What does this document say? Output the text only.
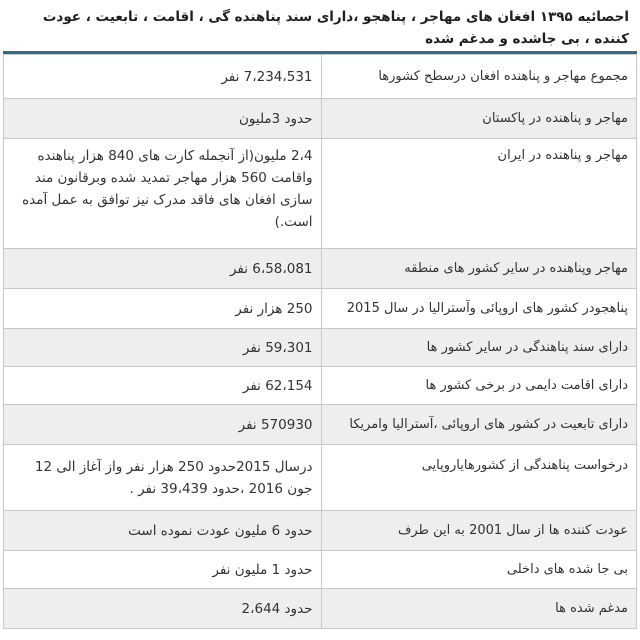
احصائیه ۱۳۹۵ افغان های مهاجر ، پناهجو ،دارای سند پناهنده گی ، اقامت ، تابعیت ، عودت کننده ، بی جاشده و مدغم شده
مجموع مهاجر و پناهنده افغان درسطح کشورها	7،234،531 نفر
مهاجر و پناهنده در پاکستان	حدود 3ملیون
مهاجر و پناهنده در ایران	2،4 ملیون(از آنجمله کارت های 840 هزار پناهنده واقامت 560 هزار مهاجر تمدید شده وبرقانون مند سازی افغان های فاقد مدرک نیز توافق به عمل آمده است.)
مهاجر وپناهنده در سایر کشور های منطقه	6،58،081 نفر
پناهجودر کشور های اروپائی وآسترالیا در سال 2015	250 هزار نفر
دارای سند پناهندگی در سایر کشور ها	59،301 نفر
دارای اقامت دایمی در برخی کشور ها	62،154 نفر
دارای تابعیت در کشور های اروپائی ،آسترالیا وامریکا	570930 نفر
درخواست پناهندگی از کشورهایاروپایی	درسال 2015حدود 250 هزار نفر واز آغاز الی 12 جون 2016 ،حدود 39،439 نفر .
عودت کننده ها از سال 2001 به این طرف	حدود 6 ملیون عودت نموده است
بی جا شده های داخلی	حدود 1 ملیون نفر
مدغم شده ها	حدود 2،644
